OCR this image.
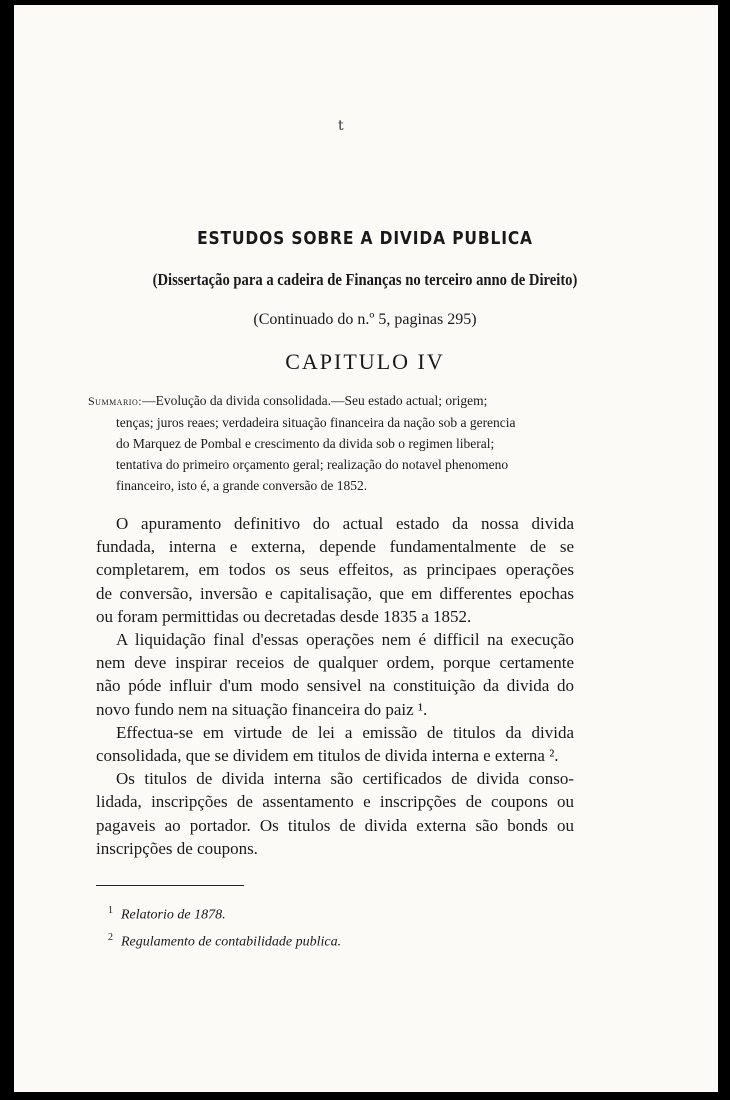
t
ESTUDOS SOBRE A DIVIDA PUBLICA
(Dissertação para a cadeira de Finanças no terceiro anno de Direito)
(Continuado do n.º 5, paginas 295)
CAPITULO IV
Summario:—Evolução da divida consolidada.—Seu estado actual; origem;
tenças; juros reaes; verdadeira situação financeira da nação sob a gerencia
do Marquez de Pombal e crescimento da divida sob o regimen liberal;
tentativa do primeiro orçamento geral; realização do notavel phenomeno
financeiro, isto é, a grande conversão de 1852.
O apuramento definitivo do actual estado da nossa divida
fundada, interna e externa, depende fundamentalmente de se
completarem, em todos os seus effeitos, as principaes operações
de conversão, inversão e capitalisação, que em differentes epochas
ou foram permittidas ou decretadas desde 1835 a 1852.
A liquidação final d'essas operações nem é difficil na execução
nem deve inspirar receios de qualquer ordem, porque certamente
não póde influir d'um modo sensivel na constituição da divida do
novo fundo nem na situação financeira do paiz ¹.
Effectua-se em virtude de lei a emissão de titulos da divida
consolidada, que se dividem em titulos de divida interna e externa ².
Os titulos de divida interna são certificados de divida conso-
lidada, inscripções de assentamento e inscripções de coupons ou
pagaveis ao portador. Os titulos de divida externa são bonds ou
inscripções de coupons.
$^1$ Relatorio de 1878.
$^2$ Regulamento de contabilidade publica.
